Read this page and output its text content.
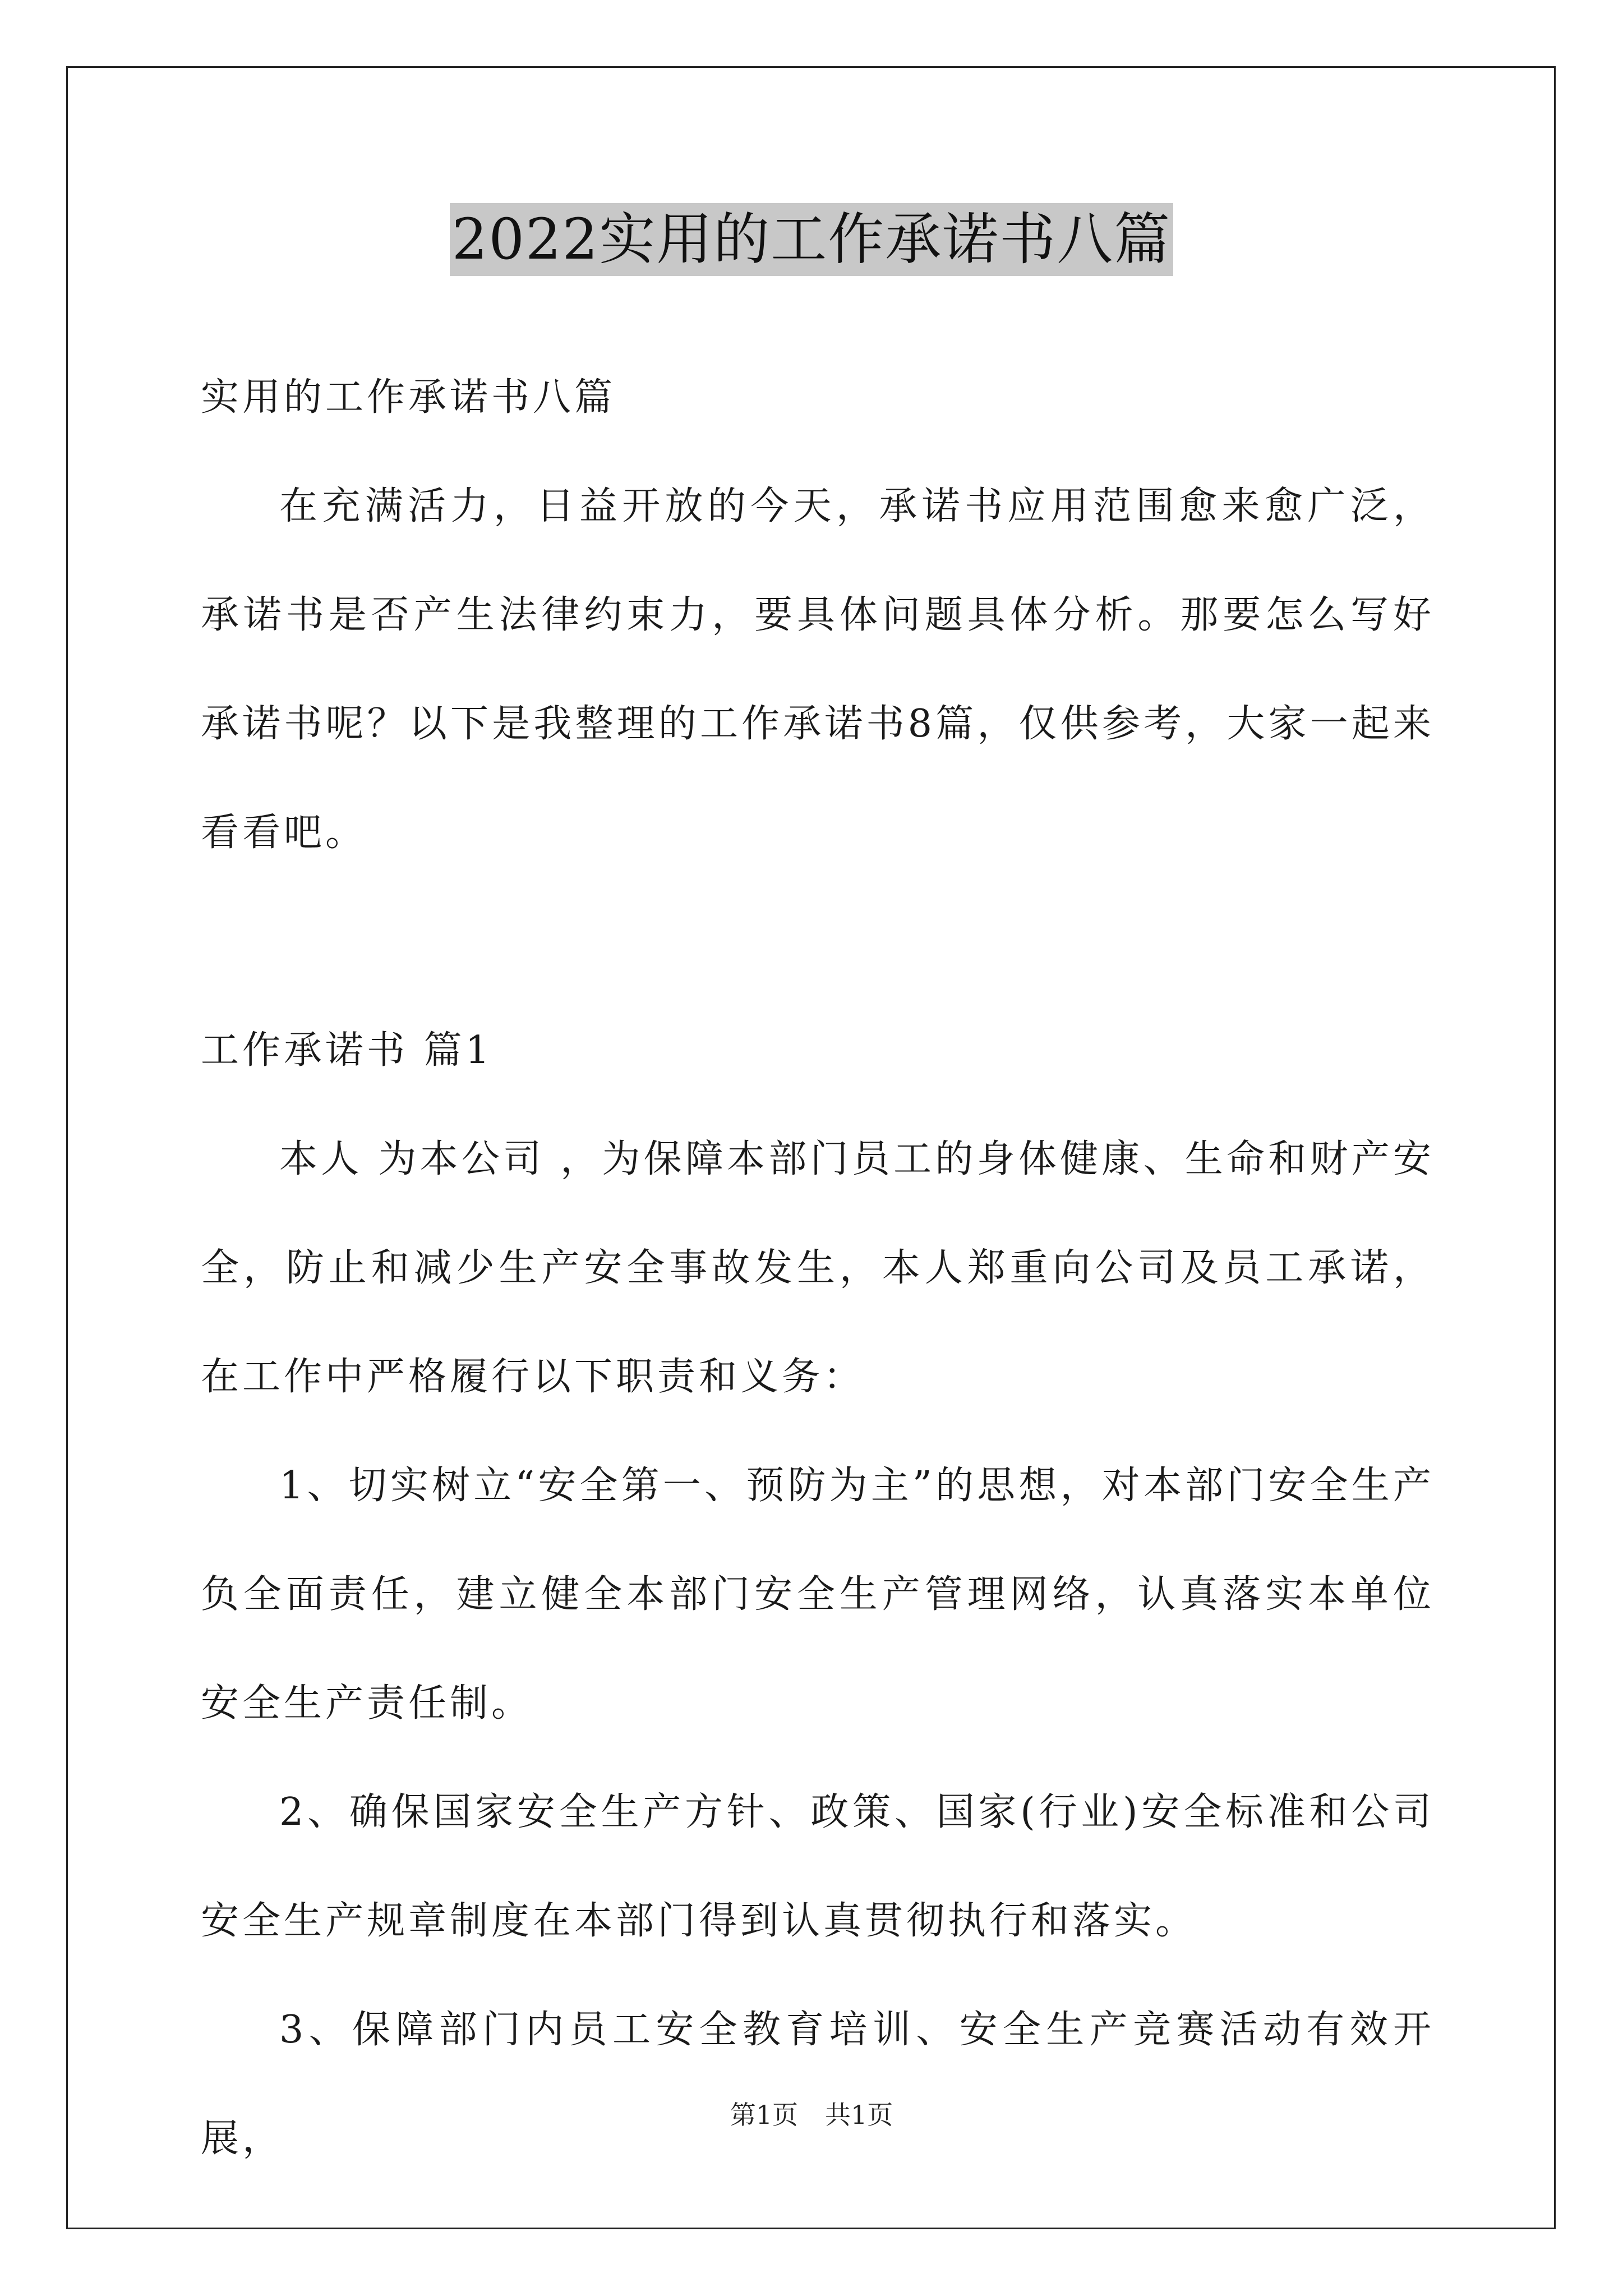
2022实用的工作承诺书八篇

实用的工作承诺书八篇

在充满活力，日益开放的今天，承诺书应用范围愈来愈广泛，承诺书是否产生法律约束力，要具体问题具体分析。那要怎么写好承诺书呢？以下是我整理的工作承诺书8篇，仅供参考，大家一起来看看吧。

工作承诺书 篇1

本人 为本公司 ，为保障本部门员工的身体健康、生命和财产安全，防止和减少生产安全事故发生，本人郑重向公司及员工承诺，在工作中严格履行以下职责和义务：

1、切实树立“安全第一、预防为主”的思想，对本部门安全生产负全面责任，建立健全本部门安全生产管理网络，认真落实本单位安全生产责任制。

2、确保国家安全生产方针、政策、国家(行业)安全标准和公司安全生产规章制度在本部门得到认真贯彻执行和落实。

3、保障部门内员工安全教育培训、安全生产竞赛活动有效开展，

第1页 共1页
